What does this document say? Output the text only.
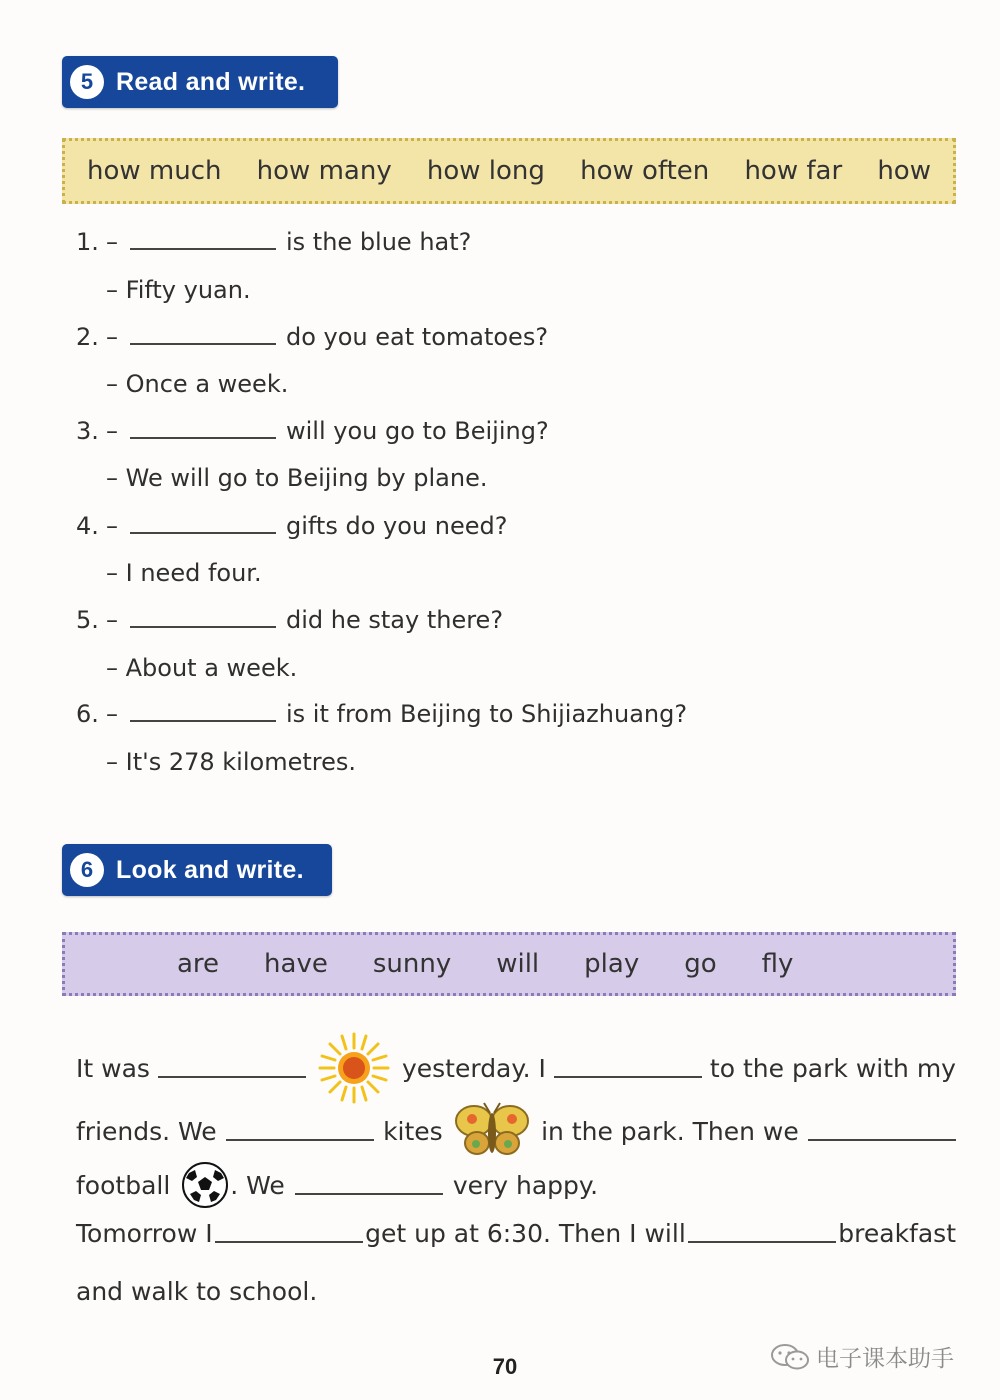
5 Read and write.
how much how many how long how often how far how
1. –	is the blue hat?
– Fifty yuan.
2. –	do you eat tomatoes?
– Once a week.
3. –	will you go to Beijing?
– We will go to Beijing by plane.
4. –	gifts do you need?
– I need four.
5. –	did he stay there?
– About a week.
6. –	is it from Beijing to Shijiazhuang?
– It's 278 kilometres.
6 Look and write.
are have sunny will play go fly
It was	yesterday. I	to the park with my
friends. We	kites	in the park. Then we
football . We	very happy.
Tomorrow I	get up at 6:30. Then I will	breakfast
and walk to school.
70	电子课本助手
